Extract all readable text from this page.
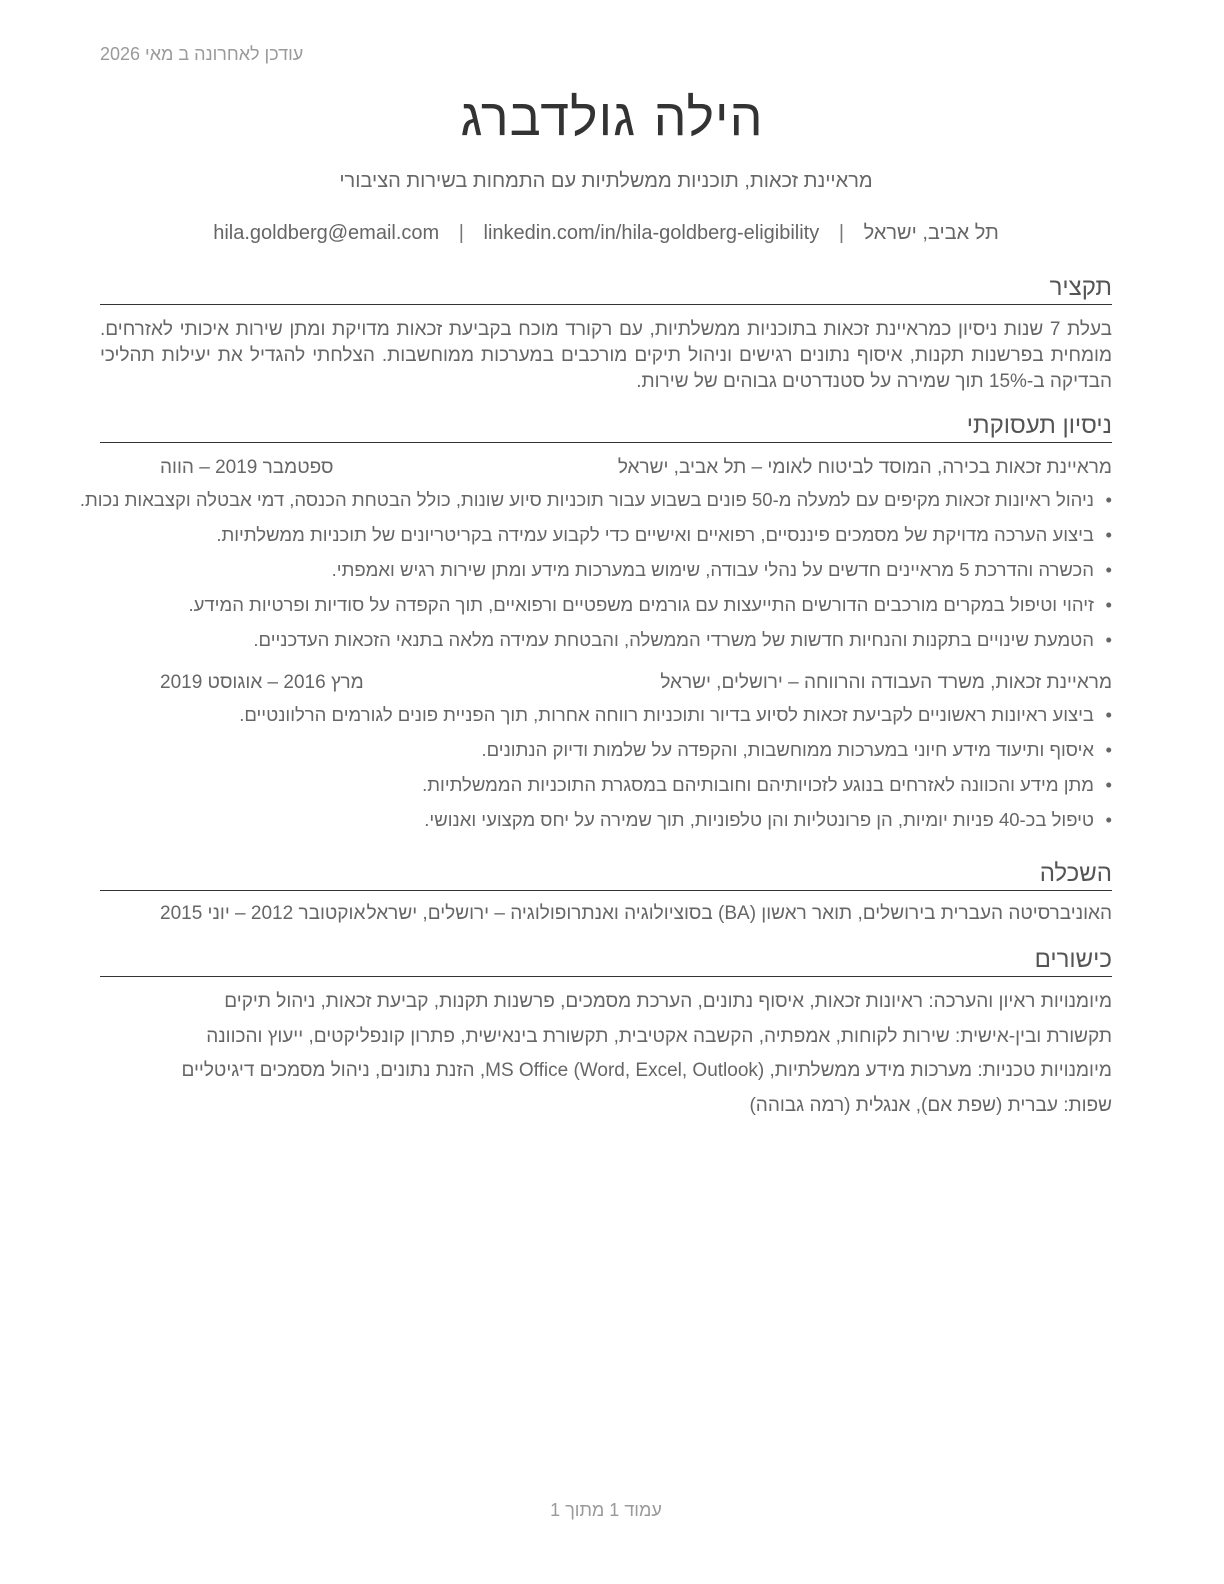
עודכן לאחרונה ב מאי 2026
הילה גולדברג
מראיינת זכאות, תוכניות ממשלתיות עם התמחות בשירות הציבורי
תל אביב, ישראל | hila.goldberg@email.com | linkedin.com/in/hila-goldberg-eligibility
תקציר
בעלת 7 שנות ניסיון כמראיינת זכאות בתוכניות ממשלתיות, עם רקורד מוכח בקביעת זכאות מדויקת ומתן שירות איכותי לאזרחים. מומחית בפרשנות תקנות, איסוף נתונים רגישים וניהול תיקים מורכבים במערכות ממוחשבות. הצלחתי להגדיל את יעילות תהליכי הבדיקה ב-15% תוך שמירה על סטנדרטים גבוהים של שירות.
ניסיון תעסוקתי
מראיינת זכאות בכירה, המוסד לביטוח לאומי – תל אביב, ישראל
ספטמבר 2019 – הווה
• ניהול ראיונות זכאות מקיפים עם למעלה מ-50 פונים בשבוע עבור תוכניות סיוע שונות, כולל הבטחת הכנסה, דמי אבטלה וקצבאות נכות.
• ביצוע הערכה מדויקת של מסמכים פיננסיים, רפואיים ואישיים כדי לקבוע עמידה בקריטריונים של תוכניות ממשלתיות.
• הכשרה והדרכת 5 מראיינים חדשים על נהלי עבודה, שימוש במערכות מידע ומתן שירות רגיש ואמפתי.
• זיהוי וטיפול במקרים מורכבים הדורשים התייעצות עם גורמים משפטיים ורפואיים, תוך הקפדה על סודיות ופרטיות המידע.
• הטמעת שינויים בתקנות והנחיות חדשות של משרדי הממשלה, והבטחת עמידה מלאה בתנאי הזכאות העדכניים.
מראיינת זכאות, משרד העבודה והרווחה – ירושלים, ישראל
מרץ 2016 – אוגוסט 2019
• ביצוע ראיונות ראשוניים לקביעת זכאות לסיוע בדיור ותוכניות רווחה אחרות, תוך הפניית פונים לגורמים הרלוונטיים.
• איסוף ותיעוד מידע חיוני במערכות ממוחשבות, והקפדה על שלמות ודיוק הנתונים.
• מתן מידע והכוונה לאזרחים בנוגע לזכויותיהם וחובותיהם במסגרת התוכניות הממשלתיות.
• טיפול בכ-40 פניות יומיות, הן פרונטליות והן טלפוניות, תוך שמירה על יחס מקצועי ואנושי.
השכלה
האוניברסיטה העברית בירושלים, תואר ראשון (BA) בסוציולוגיה ואנתרופולוגיה – ירושלים, ישראל
אוקטובר 2012 – יוני 2015
כישורים
מיומנויות ראיון והערכה: ראיונות זכאות, איסוף נתונים, הערכת מסמכים, פרשנות תקנות, קביעת זכאות, ניהול תיקים
תקשורת ובין-אישית: שירות לקוחות, אמפתיה, הקשבה אקטיבית, תקשורת בינאישית, פתרון קונפליקטים, ייעוץ והכוונה
מיומנויות טכניות: מערכות מידע ממשלתיות, MS Office (Word, Excel, Outlook), הזנת נתונים, ניהול מסמכים דיגיטליים
שפות: עברית (שפת אם), אנגלית (רמה גבוהה)
עמוד 1 מתוך 1
